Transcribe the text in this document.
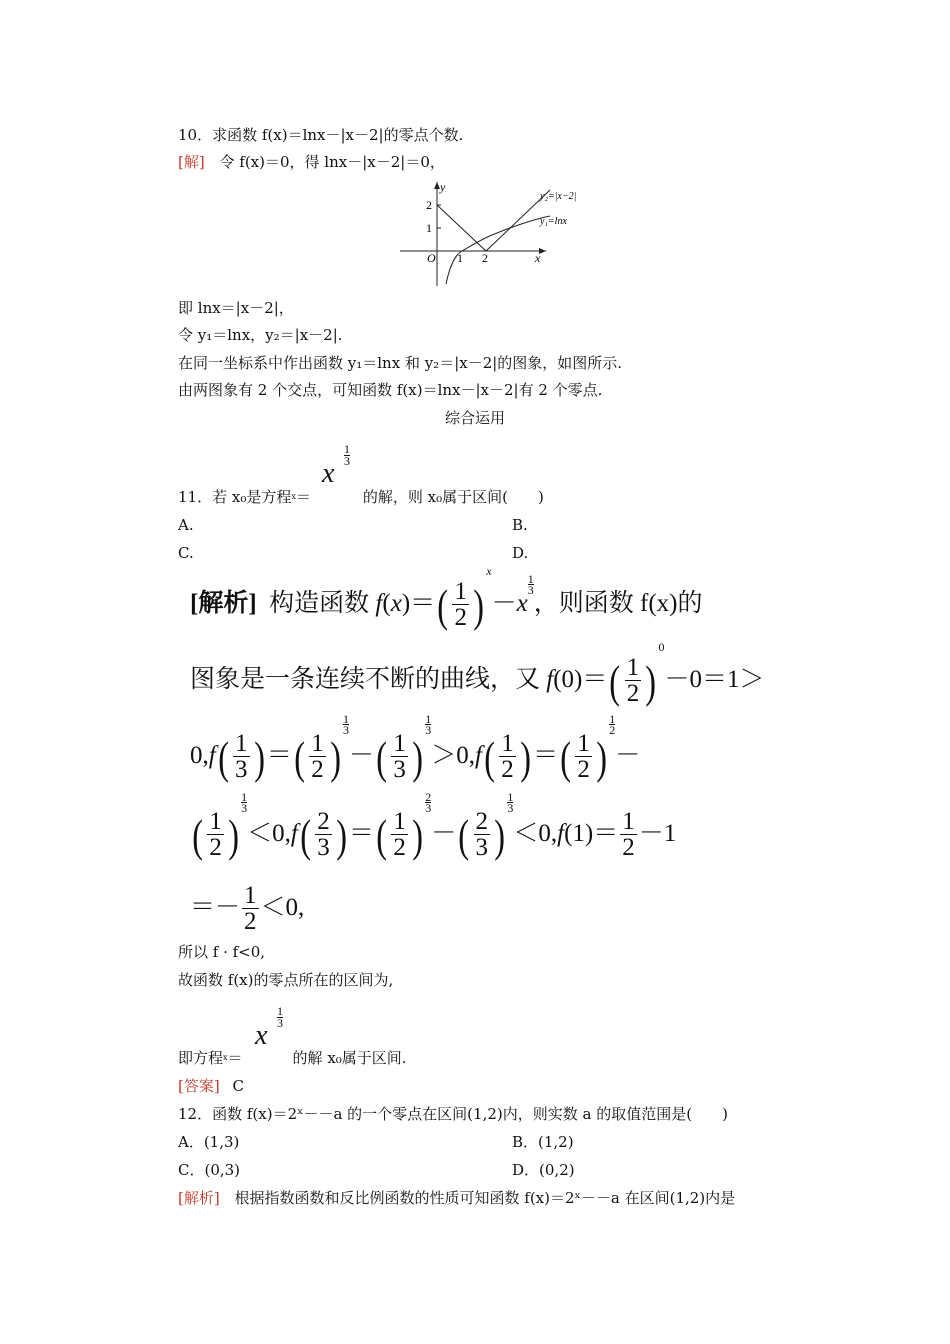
10．求函数 f(x)＝lnx－|x－2|的零点个数.
[解] 令 f(x)＝0，得 lnx－|x－2|＝0，
y
x
O
2
1
1 2
y₂=|x−2|
y₁=lnx
即 lnx＝|x－2|，
令 y₁＝lnx，y₂＝|x－2|.
在同一坐标系中作出函数 y₁＝lnx 和 y₂＝|x－2|的图象，如图所示.
由两图象有 2 个交点，可知函数 f(x)＝lnx－|x－2|有 2 个零点.
综合运用
x
1
3
11．若 x₀是方程$^x$＝	的解，则 x₀属于区间(　　)
A.	B.
C.	D.
[解析] 构造函数 $f(x)=( \frac{1}{2} )x-x$
1
3，则函数 f(x)的
图象是一条连续不断的曲线，又 $f(0)=( \frac{1}{2} )0-0=1>$
$0,f( \frac{1}{3}$ )＝( $\frac{1}{2}$ )
1
$3-( \frac{1}{3}$ )
1
$3>0,f( \frac{1}{2}$ )＝( $\frac{1}{2}$ )
1
2－
( $\frac{1}{2}$ )
1
$3<0,f( \frac{2}{3}$ )＝( $\frac{1}{2}$ )
2
$3-( \frac{2}{3}$ )
1
$3<0,f(1)= \frac{1}{2} -1$
＝－ $\frac{1}{2} <0$,
所以 f · f<0,
故函数 f(x)的零点所在的区间为,
x
1
3
即方程$^x$＝	的解 x₀属于区间.
[答案] C
12．函数 f(x)＝2ˣ－－a 的一个零点在区间(1,2)内，则实数 a 的取值范围是(　　)
A．(1,3)	B．(1,2)
C．(0,3)	D．(0,2)
[解析] 根据指数函数和反比例函数的性质可知函数 f(x)＝2ˣ－－a 在区间(1,2)内是
